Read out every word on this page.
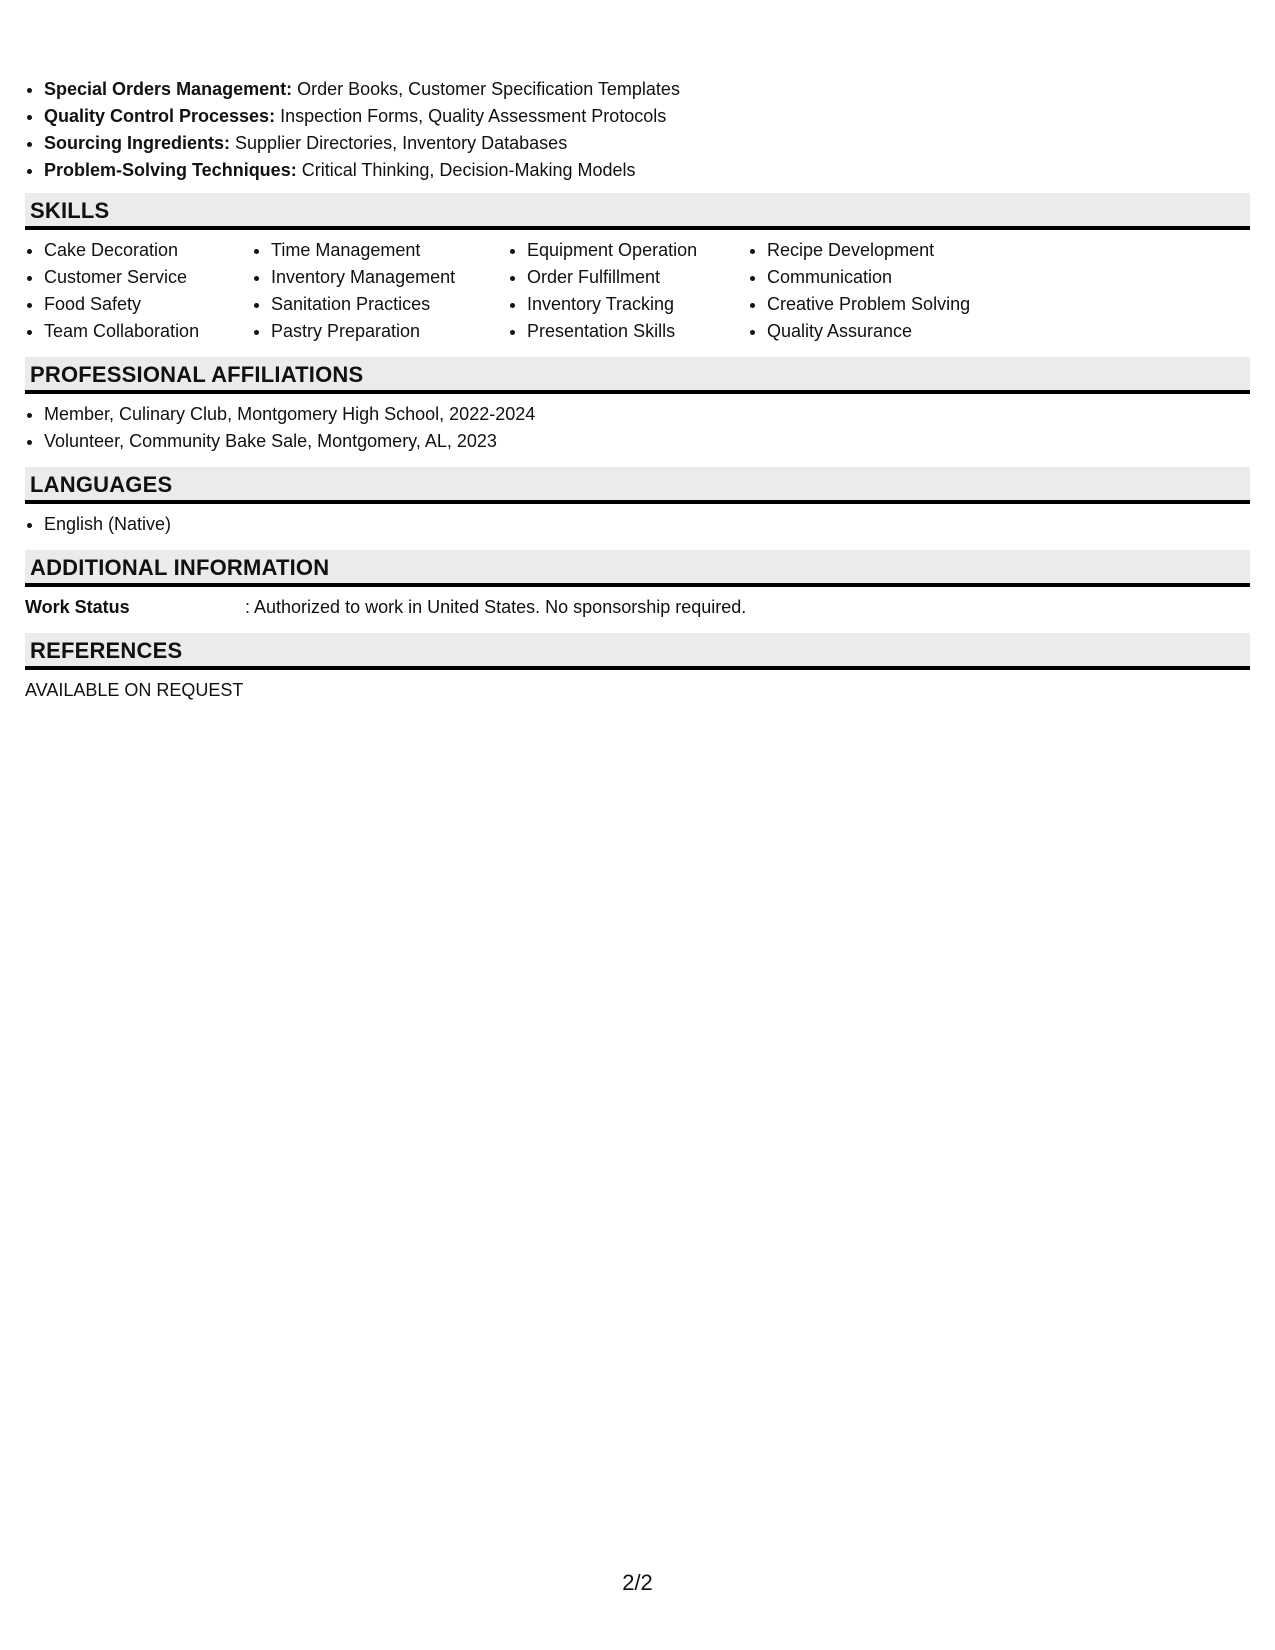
• Special Orders Management: Order Books, Customer Specification Templates
• Quality Control Processes: Inspection Forms, Quality Assessment Protocols
• Sourcing Ingredients: Supplier Directories, Inventory Databases
• Problem-Solving Techniques: Critical Thinking, Decision-Making Models
SKILLS
• Cake Decoration
• Customer Service
• Food Safety
• Team Collaboration
• Time Management
• Inventory Management
• Sanitation Practices
• Pastry Preparation
• Equipment Operation
• Order Fulfillment
• Inventory Tracking
• Presentation Skills
• Recipe Development
• Communication
• Creative Problem Solving
• Quality Assurance
PROFESSIONAL AFFILIATIONS
• Member, Culinary Club, Montgomery High School, 2022-2024
• Volunteer, Community Bake Sale, Montgomery, AL, 2023
LANGUAGES
• English (Native)
ADDITIONAL INFORMATION
Work Status	: Authorized to work in United States. No sponsorship required.
REFERENCES
AVAILABLE ON REQUEST
2/2
